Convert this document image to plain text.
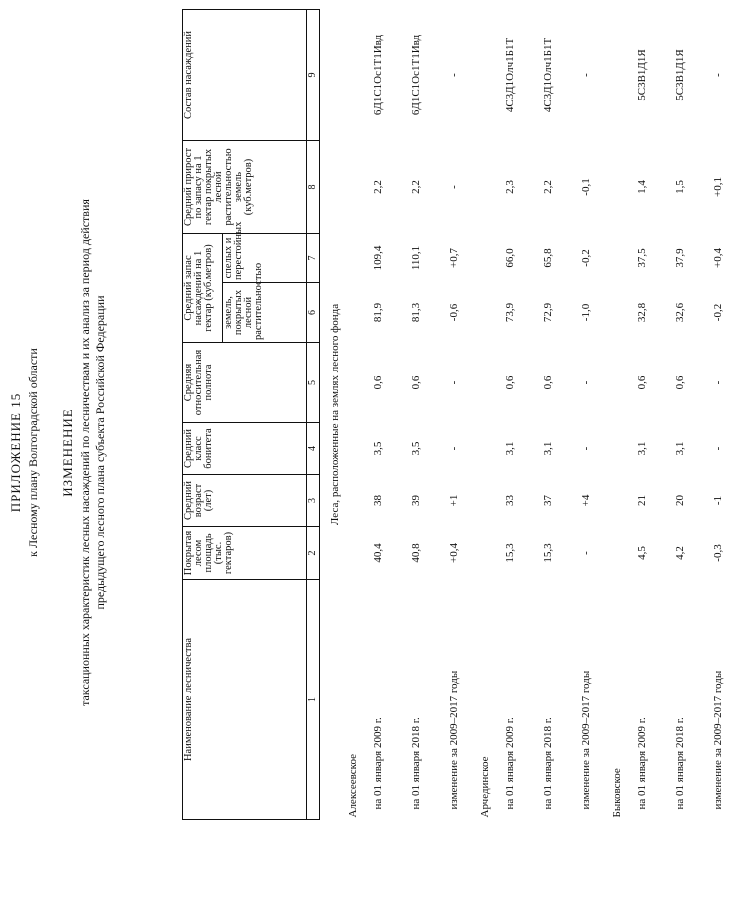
ПРИЛОЖЕНИЕ 15 к Лесному плану Волгоградской области ИЗМЕНЕНИЕ таксационных характеристик лесных насаждений по лесничествам и их анализ за период действия предыдущего лесного плана субъекта Российской Федерации
Наименование лесничества	Покрытая лесом площадь (тыс. гектаров)	Средний возраст (лет)	Средний класс бонитета	Средняя относительная полнота	Средний запас насаждений на 1 гектар (куб.метров)		Средний прирост по запасу на 1 гектар покрытых лесной растительностью земель (куб.метров)	Состав насаждений
					земель, покрытых лесной растительностью	спелых и перестойных		
1	2	3	4	5	6	7	8	9
Леса, расположенные на землях лесного фонда								
Алексеевское								
на 01 января 2009 г.	40,4	38	3,5	0,6	81,9	109,4	2,2	6Д1С1Ос1Т1Ивд
на 01 января 2018 г.	40,8	39	3,5	0,6	81,3	110,1	2,2	6Д1С1Ос1Т1Ивд
изменение за 2009–2017 годы	+0,4	+1	-	-	-0,6	+0,7	-	-
Арчединское								
на 01 января 2009 г.	15,3	33	3,1	0,6	73,9	66,0	2,3	4С3Д1Олч1Б1Т
на 01 января 2018 г.	15,3	37	3,1	0,6	72,9	65,8	2,2	4С3Д1Олч1Б1Т
изменение за 2009–2017 годы	-	+4	-	-	-1,0	-0,2	-0,1	-
Быковское								
на 01 января 2009 г.	4,5	21	3,1	0,6	32,8	37,5	1,4	5С3В1Д1Я
на 01 января 2018 г.	4,2	20	3,1	0,6	32,6	37,9	1,5	5С3В1Д1Я
изменение за 2009–2017 годы	-0,3	-1	-	-	-0,2	+0,4	+0,1	-
